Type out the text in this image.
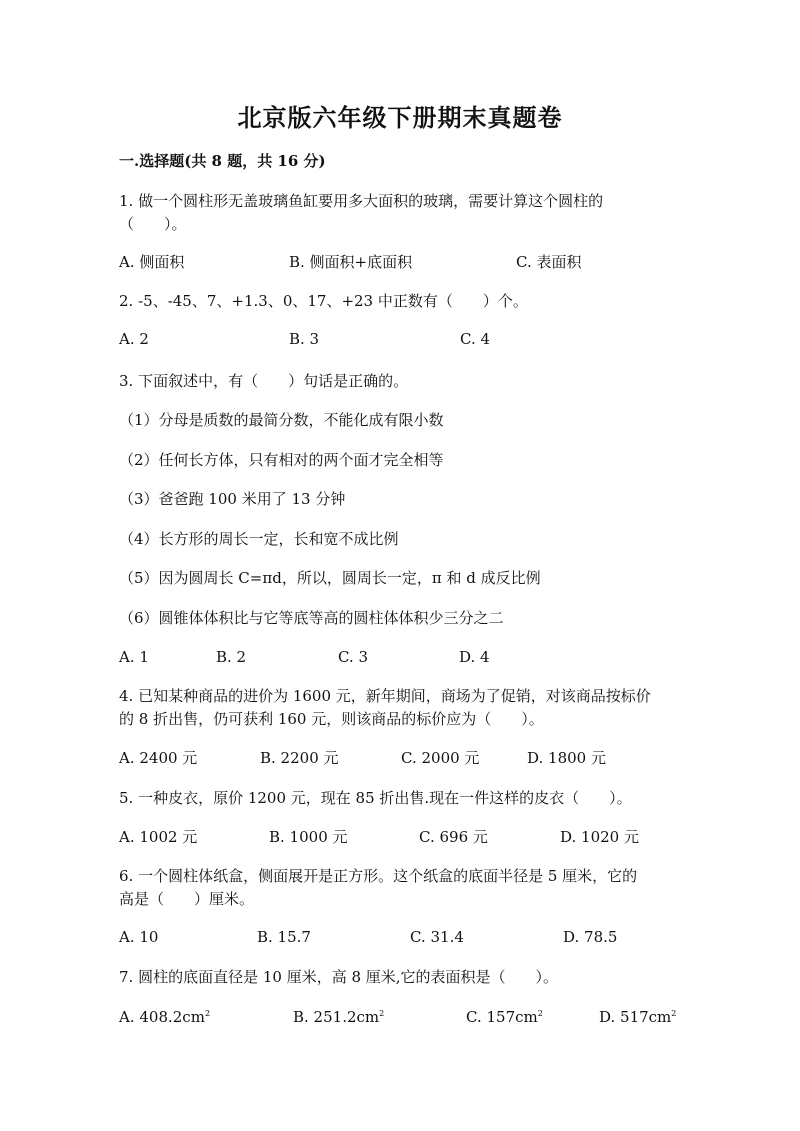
北京版六年级下册期末真题卷
一.选择题(共 8 题，共 16 分)
1. 做一个圆柱形无盖玻璃鱼缸要用多大面积的玻璃，需要计算这个圆柱的
（　　）。
A. 侧面积	B. 侧面积+底面积	C. 表面积
2. -5、-45、7、+1.3、0、17、+23 中正数有（　　）个。
A. 2	B. 3	C. 4
3. 下面叙述中，有（　　）句话是正确的。
（1）分母是质数的最简分数，不能化成有限小数
（2）任何长方体，只有相对的两个面才完全相等
（3）爸爸跑 100 米用了 13 分钟
（4）长方形的周长一定，长和宽不成比例
（5）因为圆周长 C=πd，所以，圆周长一定，π 和 d 成反比例
（6）圆锥体体积比与它等底等高的圆柱体体积少三分之二
A. 1	B. 2	C. 3	D. 4
4. 已知某种商品的进价为 1600 元，新年期间，商场为了促销，对该商品按标价
的 8 折出售，仍可获利 160 元，则该商品的标价应为（　　）。
A. 2400 元	B. 2200 元	C. 2000 元	D. 1800 元
5. 一种皮衣，原价 1200 元，现在 85 折出售.现在一件这样的皮衣（　　）。
A. 1002 元	B. 1000 元	C. 696 元	D. 1020 元
6. 一个圆柱体纸盒，侧面展开是正方形。这个纸盒的底面半径是 5 厘米，它的
高是（　　）厘米。
A. 10	B. 15.7	C. 31.4	D. 78.5
7. 圆柱的底面直径是 10 厘米，高 8 厘米,它的表面积是（　　）。
A. $408.2cm^2$	B. $251.2cm^2$	C. $157cm^2$	D. $517cm^2$
